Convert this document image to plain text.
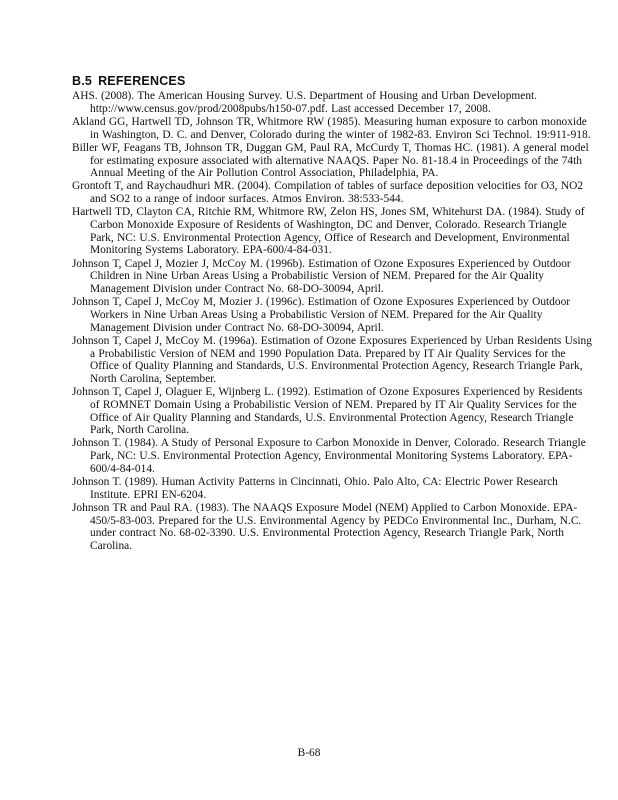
B.5 REFERENCES
AHS. (2008). The American Housing Survey. U.S. Department of Housing and Urban Development. http://www.census.gov/prod/2008pubs/h150-07.pdf. Last accessed December 17, 2008.
Akland GG, Hartwell TD, Johnson TR, Whitmore RW (1985). Measuring human exposure to carbon monoxide in Washington, D. C. and Denver, Colorado during the winter of 1982-83. Environ Sci Technol. 19:911-918.
Biller WF, Feagans TB, Johnson TR, Duggan GM, Paul RA, McCurdy T, Thomas HC. (1981). A general model for estimating exposure associated with alternative NAAQS. Paper No. 81-18.4 in Proceedings of the 74th Annual Meeting of the Air Pollution Control Association, Philadelphia, PA.
Grontoft T, and Raychaudhuri MR. (2004). Compilation of tables of surface deposition velocities for O3, NO2 and SO2 to a range of indoor surfaces. Atmos Environ. 38:533-544.
Hartwell TD, Clayton CA, Ritchie RM, Whitmore RW, Zelon HS, Jones SM, Whitehurst DA. (1984). Study of Carbon Monoxide Exposure of Residents of Washington, DC and Denver, Colorado. Research Triangle Park, NC: U.S. Environmental Protection Agency, Office of Research and Development, Environmental Monitoring Systems Laboratory. EPA-600/4-84-031.
Johnson T, Capel J, Mozier J, McCoy M. (1996b). Estimation of Ozone Exposures Experienced by Outdoor Children in Nine Urban Areas Using a Probabilistic Version of NEM. Prepared for the Air Quality Management Division under Contract No. 68-DO-30094, April.
Johnson T, Capel J, McCoy M, Mozier J. (1996c). Estimation of Ozone Exposures Experienced by Outdoor Workers in Nine Urban Areas Using a Probabilistic Version of NEM. Prepared for the Air Quality Management Division under Contract No. 68-DO-30094, April.
Johnson T, Capel J, McCoy M. (1996a). Estimation of Ozone Exposures Experienced by Urban Residents Using a Probabilistic Version of NEM and 1990 Population Data. Prepared by IT Air Quality Services for the Office of Quality Planning and Standards, U.S. Environmental Protection Agency, Research Triangle Park, North Carolina, September.
Johnson T, Capel J, Olaguer E, Wijnberg L. (1992). Estimation of Ozone Exposures Experienced by Residents of ROMNET Domain Using a Probabilistic Version of NEM. Prepared by IT Air Quality Services for the Office of Air Quality Planning and Standards, U.S. Environmental Protection Agency, Research Triangle Park, North Carolina.
Johnson T. (1984). A Study of Personal Exposure to Carbon Monoxide in Denver, Colorado. Research Triangle Park, NC: U.S. Environmental Protection Agency, Environmental Monitoring Systems Laboratory. EPA-600/4-84-014.
Johnson T. (1989). Human Activity Patterns in Cincinnati, Ohio. Palo Alto, CA: Electric Power Research Institute. EPRI EN-6204.
Johnson TR and Paul RA. (1983). The NAAQS Exposure Model (NEM) Applied to Carbon Monoxide. EPA-450/5-83-003. Prepared for the U.S. Environmental Agency by PEDCo Environmental Inc., Durham, N.C. under contract No. 68-02-3390. U.S. Environmental Protection Agency, Research Triangle Park, North Carolina.
B-68
